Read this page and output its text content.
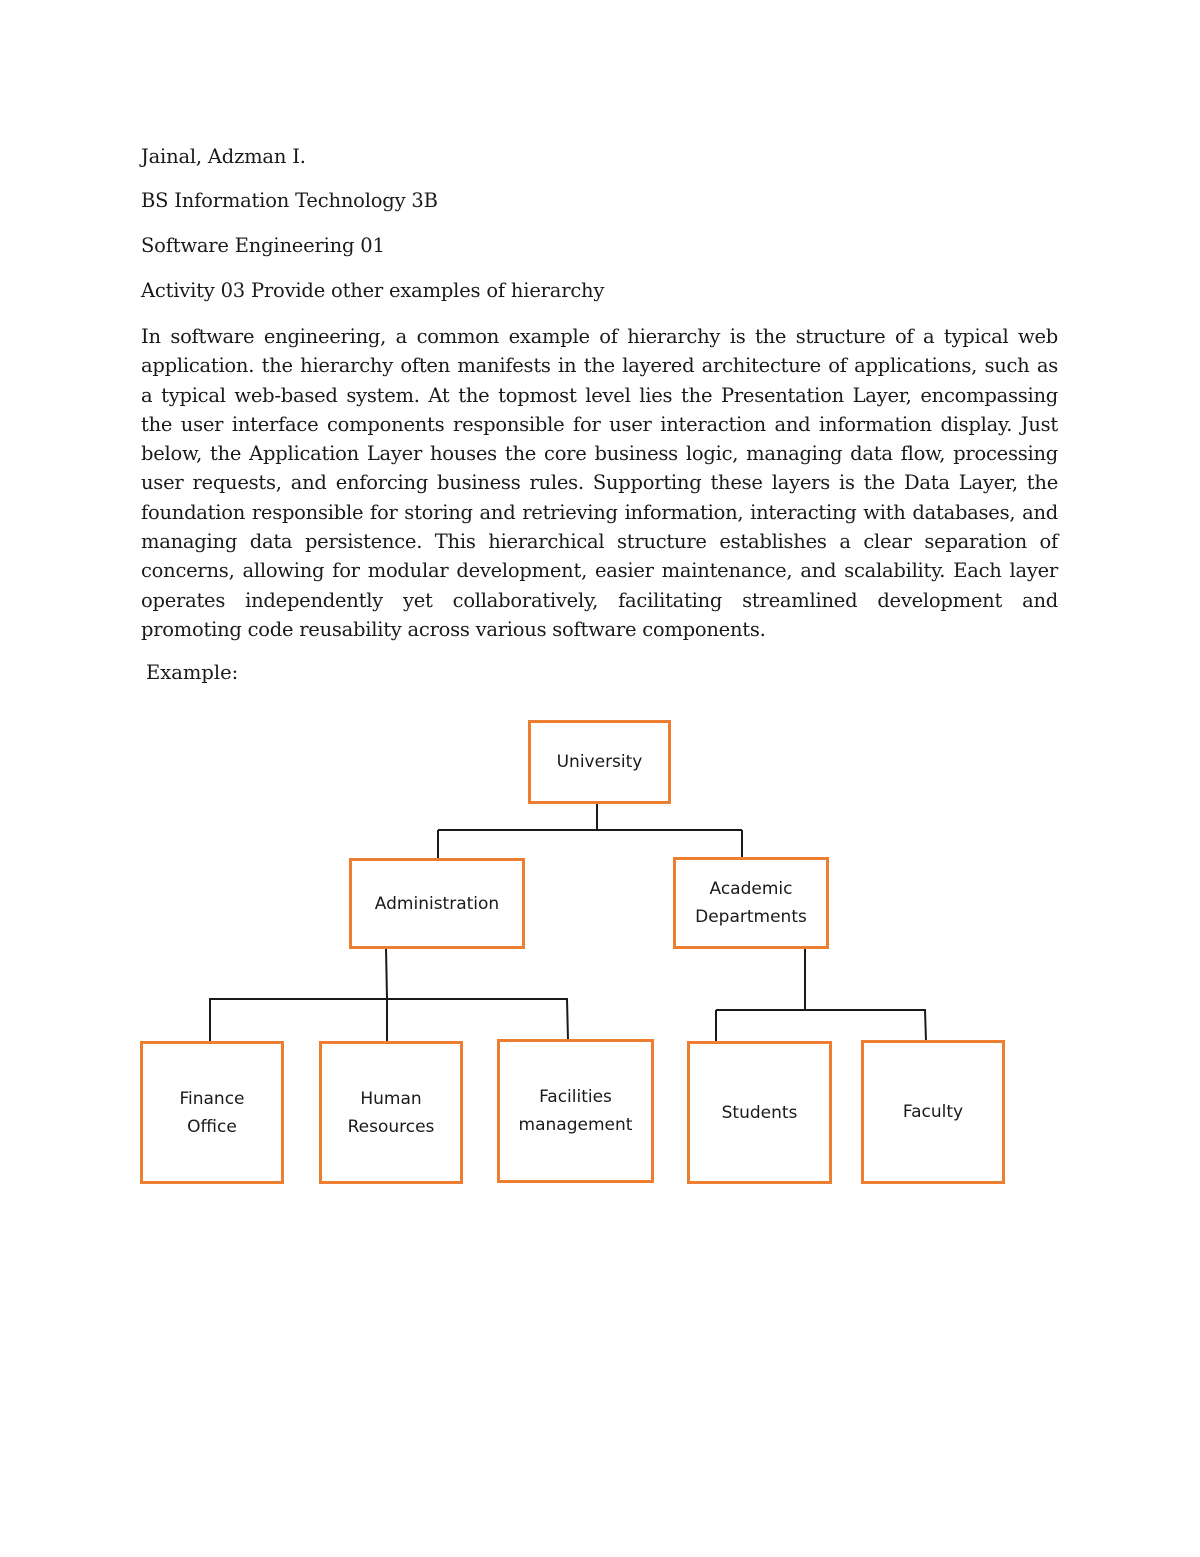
Jainal, Adzman I.
BS Information Technology 3B
Software Engineering 01
Activity 03 Provide other examples of hierarchy
In software engineering, a common example of hierarchy is the structure of a typical web application. the hierarchy often manifests in the layered architecture of applications, such as a typical web-based system. At the topmost level lies the Presentation Layer, encompassing the user interface components responsible for user interaction and information display. Just below, the Application Layer houses the core business logic, managing data flow, processing user requests, and enforcing business rules. Supporting these layers is the Data Layer, the foundation responsible for storing and retrieving information, interacting with databases, and managing data persistence. This hierarchical structure establishes a clear separation of concerns, allowing for modular development, easier maintenance, and scalability. Each layer operates independently yet collaboratively, facilitating streamlined development and promoting code reusability across various software components.
Example:
University
Administration
Academic
Departments
Finance
Office
Human
Resources
Facilities
management
Students	Faculty
